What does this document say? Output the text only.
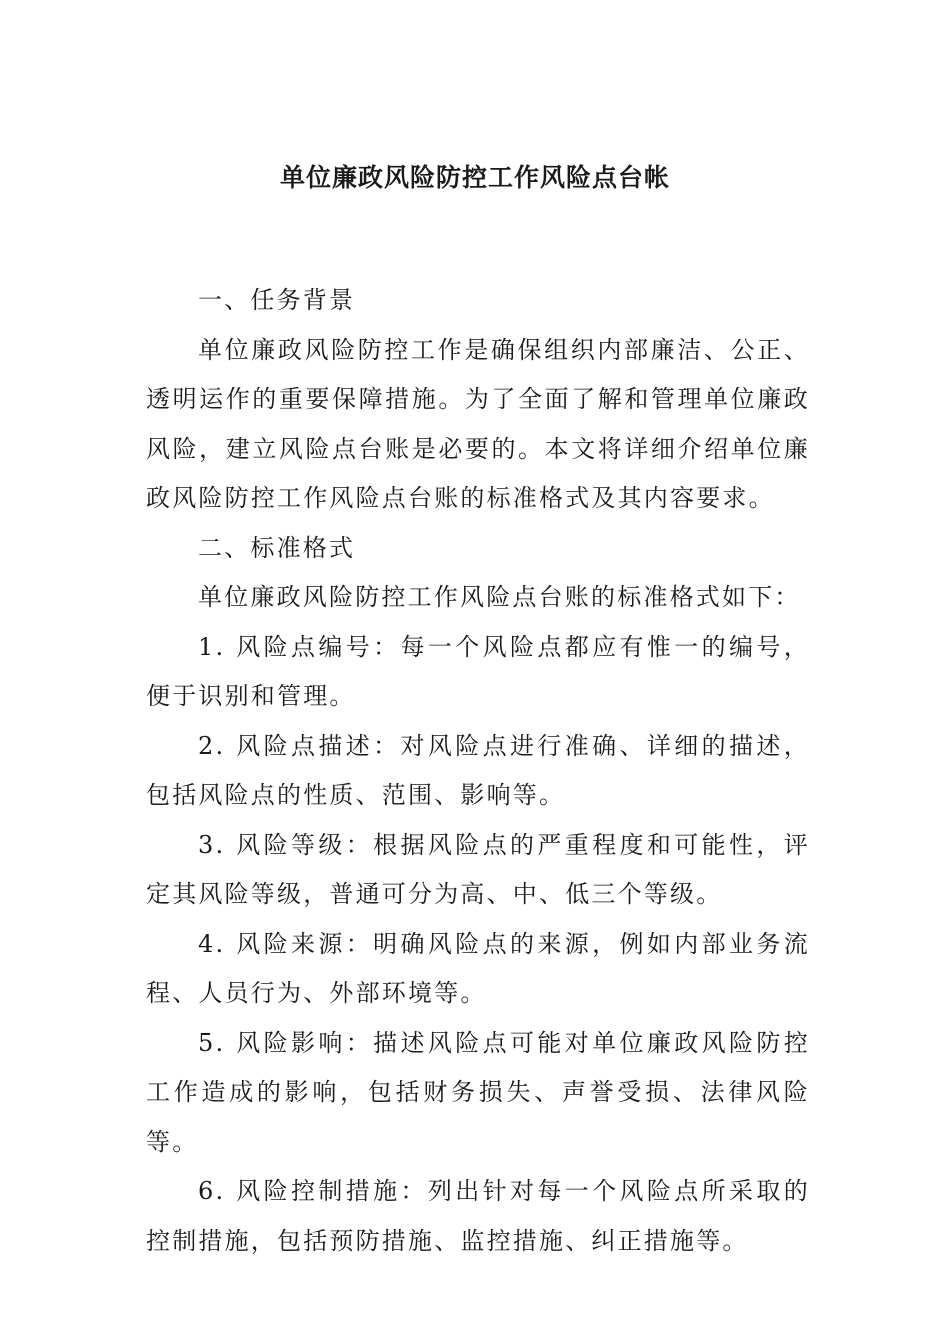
单位廉政风险防控工作风险点台帐

一、任务背景

单位廉政风险防控工作是确保组织内部廉洁、公正、透明运作的重要保障措施。为了全面了解和管理单位廉政风险，建立风险点台账是必要的。本文将详细介绍单位廉政风险防控工作风险点台账的标准格式及其内容要求。

二、标准格式

单位廉政风险防控工作风险点台账的标准格式如下：

1. 风险点编号：每一个风险点都应有惟一的编号，便于识别和管理。

2. 风险点描述：对风险点进行准确、详细的描述，包括风险点的性质、范围、影响等。

3. 风险等级：根据风险点的严重程度和可能性，评定其风险等级，普通可分为高、中、低三个等级。

4. 风险来源：明确风险点的来源，例如内部业务流程、人员行为、外部环境等。

5. 风险影响：描述风险点可能对单位廉政风险防控工作造成的影响，包括财务损失、声誉受损、法律风险等。

6. 风险控制措施：列出针对每一个风险点所采取的控制措施，包括预防措施、监控措施、纠正措施等。
